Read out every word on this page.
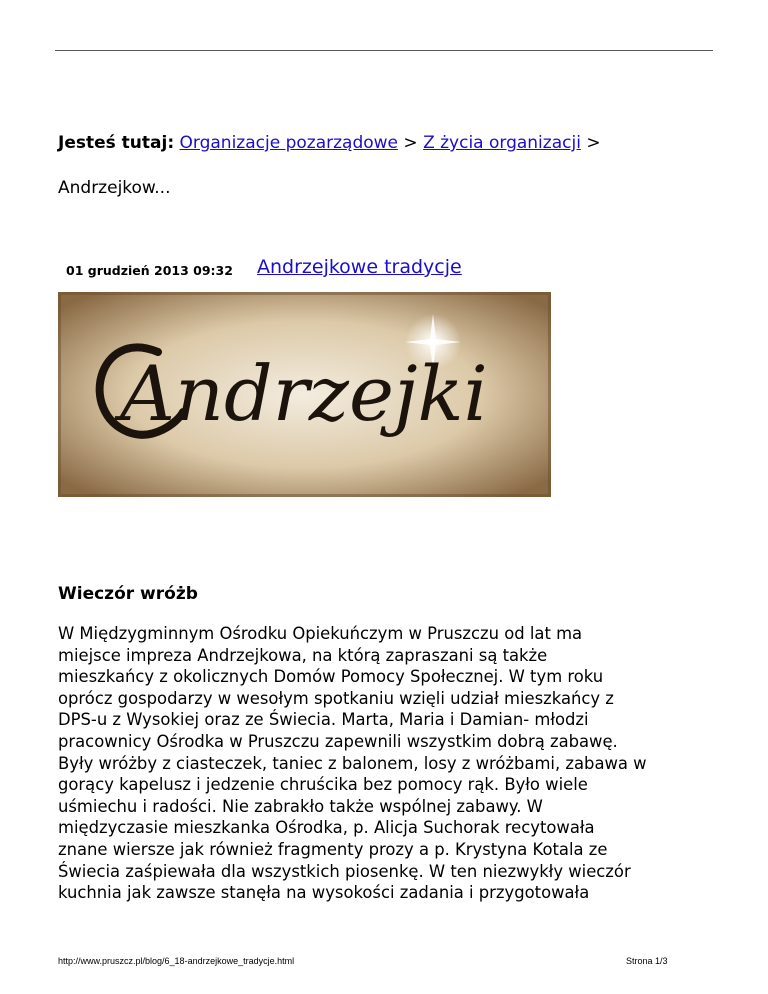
Jesteś tutaj: Organizacje pozarządowe > Z życia organizacji >
Andrzejkow...
01 grudzień 2013 09:32 Andrzejkowe tradycje
Andrzejki
Wieczór wróżb

W Międzygminnym Ośrodku Opiekuńczym w Pruszczu od lat ma

miejsce impreza Andrzejkowa, na którą zapraszani są także

mieszkańcy z okolicznych Domów Pomocy Społecznej. W tym roku

oprócz gospodarzy w wesołym spotkaniu wzięli udział mieszkańcy z

DPS-u z Wysokiej oraz ze Świecia. Marta, Maria i Damian- młodzi

pracownicy Ośrodka w Pruszczu zapewnili wszystkim dobrą zabawę.

Były wróżby z ciasteczek, taniec z balonem, losy z wróżbami, zabawa w

gorący kapelusz i jedzenie chruścika bez pomocy rąk. Było wiele

uśmiechu i radości. Nie zabrakło także wspólnej zabawy. W

międzyczasie mieszkanka Ośrodka, p. Alicja Suchorak recytowała

znane wiersze jak również fragmenty prozy a p. Krystyna Kotala ze

Świecia zaśpiewała dla wszystkich piosenkę. W ten niezwykły wieczór

kuchnia jak zawsze stanęła na wysokości zadania i przygotowała

http://www.pruszcz.pl/blog/6_18-andrzejkowe_tradycje.html	Strona 1/3
